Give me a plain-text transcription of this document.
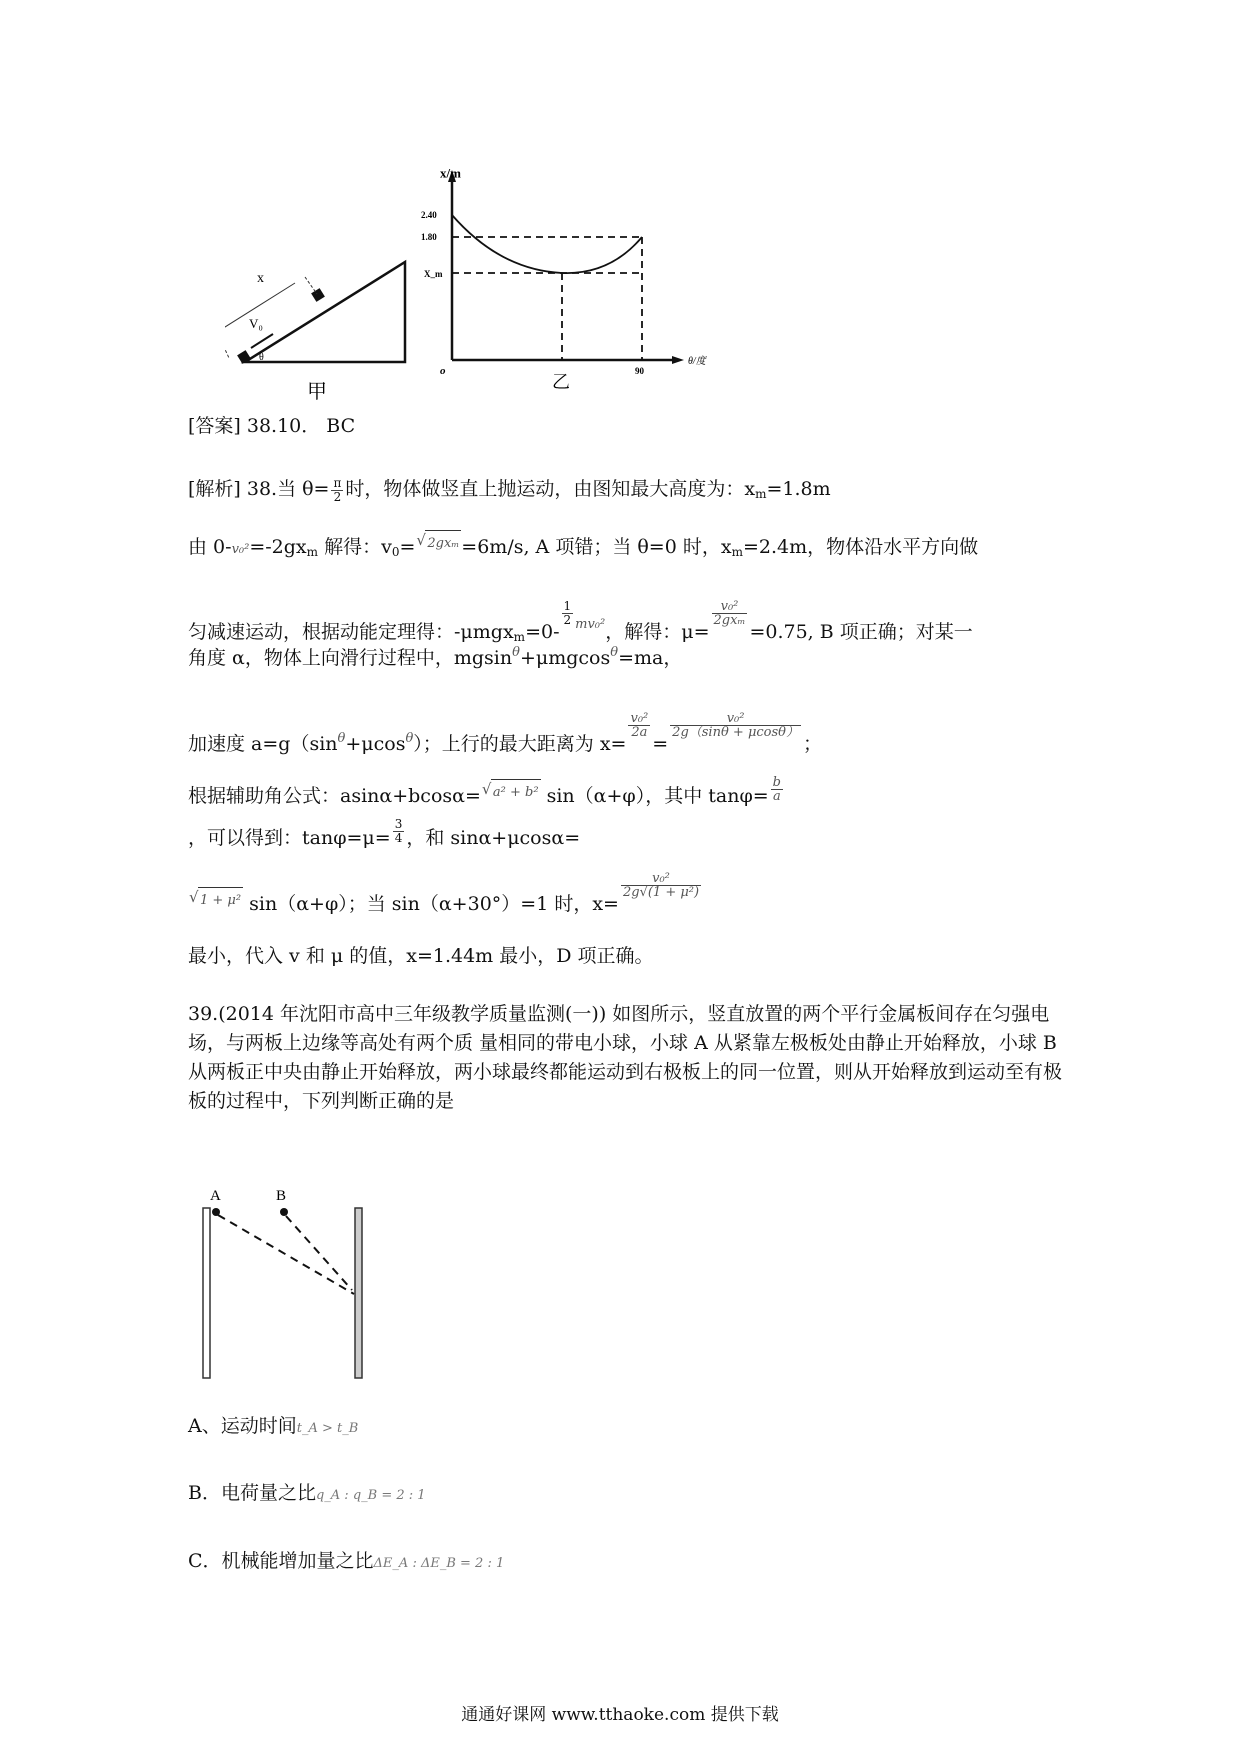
x
V₀
θ
甲
x/m
2.40
1.80
X_m
o	90
θ/度
乙
[答案] 38.10． BC
[解析] 38.当 $\theta= \frac{\pi}{2}$ 时，物体做竖直上抛运动，由图知最大高度为：$x_m=1.8m$
由 $0-v_0^2=-2gx_m$ 解得：$v_0=$ √ 2gxₘ =6m/s, A 项错；当 θ=0 时，$x_m=2.4m$，物体沿水平方向做
匀减速运动，根据动能定理得：-μmgx$_m$=0-
$\frac{1}{2} ^{mv_0^2}$，解得：μ=
$\frac{\text{v₀²}}{\text{2gxₘ}}$
=0.75, B 项正确；对某一
角度 α，物体上向滑行过程中，mgsin$^\theta$+μmgcos$^\theta$=ma，
加速度 $a=g(\sin^\theta+\mu\cos^\theta)$；上行的最大距离为 x=
$\frac{\text{v₀²}}{2a}$
=
$\frac{\text{v₀²}}{2g(\sin\theta + \mu\cos\theta)}$
；
根据辅助角公式：asinα+bcosα= √ a² + b² sin（α+φ），其中 $\tan\varphi= \frac{b}{a}$
，可以得到：$\tan\varphi=\mu= \frac{3}{4}$ ，和 sinα+μcosα=
√ 1 + μ² sin（α+φ）；当 sin（α+30°）=1 时，x=
$\frac{\text{v₀²}}{\text{2g√(1 + μ²)}}$
最小，代入 v 和 μ 的值，x=1.44m 最小，D 项正确。
39.(2014 年沈阳市高中三年级教学质量监测(一)) 如图所示，竖直放置的两个平行金属板间存在匀强电场，与两板上边缘等高处有两个质 量相同的带电小球，小球 A 从紧靠左极板处由静止开始释放，小球 B 从两板正中央由静止开始释放，两小球最终都能运动到右极板上的同一位置，则从开始释放到运动至有极板的过程中，下列判断正确的是
A	B
A、运动时间t_A > t_B
B．电荷量之比q_A : q_B = 2 : 1
C．机械能增加量之比ΔE_A : ΔE_B = 2 : 1
通通好课网 www.tthaoke.com 提供下载
